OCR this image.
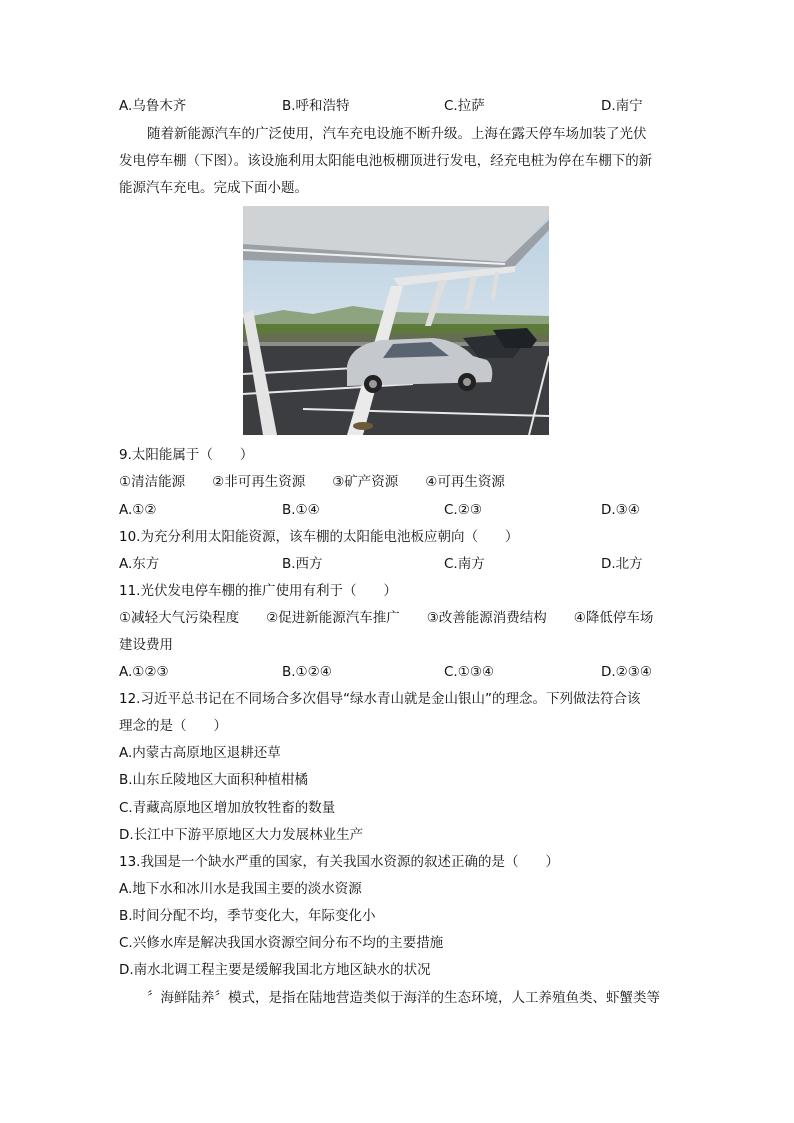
A.乌鲁木齐	B.呼和浩特	C.拉萨	D.南宁
随着新能源汽车的广泛使用，汽车充电设施不断升级。上海在露天停车场加装了光伏
发电停车棚（下图）。该设施利用太阳能电池板棚顶进行发电，经充电桩为停在车棚下的新
能源汽车充电。完成下面小题。
9.太阳能属于（　　）
①清洁能源　　②非可再生资源　　③矿产资源　　④可再生资源
A.①②	B.①④	C.②③	D.③④
10.为充分利用太阳能资源，该车棚的太阳能电池板应朝向（　　）
A.东方	B.西方	C.南方	D.北方
11.光伏发电停车棚的推广使用有利于（　　）
①减轻大气污染程度　　②促进新能源汽车推广　　③改善能源消费结构　　④降低停车场
建设费用
A.①②③	B.①②④	C.①③④	D.②③④
12.习近平总书记在不同场合多次倡导“绿水青山就是金山银山”的理念。下列做法符合该
理念的是（　　）
A.内蒙古高原地区退耕还草
B.山东丘陵地区大面积种植柑橘
C.青藏高原地区增加放牧牲畜的数量
D.长江中下游平原地区大力发展林业生产
13.我国是一个缺水严重的国家，有关我国水资源的叙述正确的是（　　）
A.地下水和冰川水是我国主要的淡水资源
B.时间分配不均，季节变化大，年际变化小
C.兴修水库是解决我国水资源空间分布不均的主要措施
D.南水北调工程主要是缓解我国北方地区缺水的状况
〞海鲜陆养〞模式，是指在陆地营造类似于海洋的生态环境，人工养殖鱼类、虾蟹类等
